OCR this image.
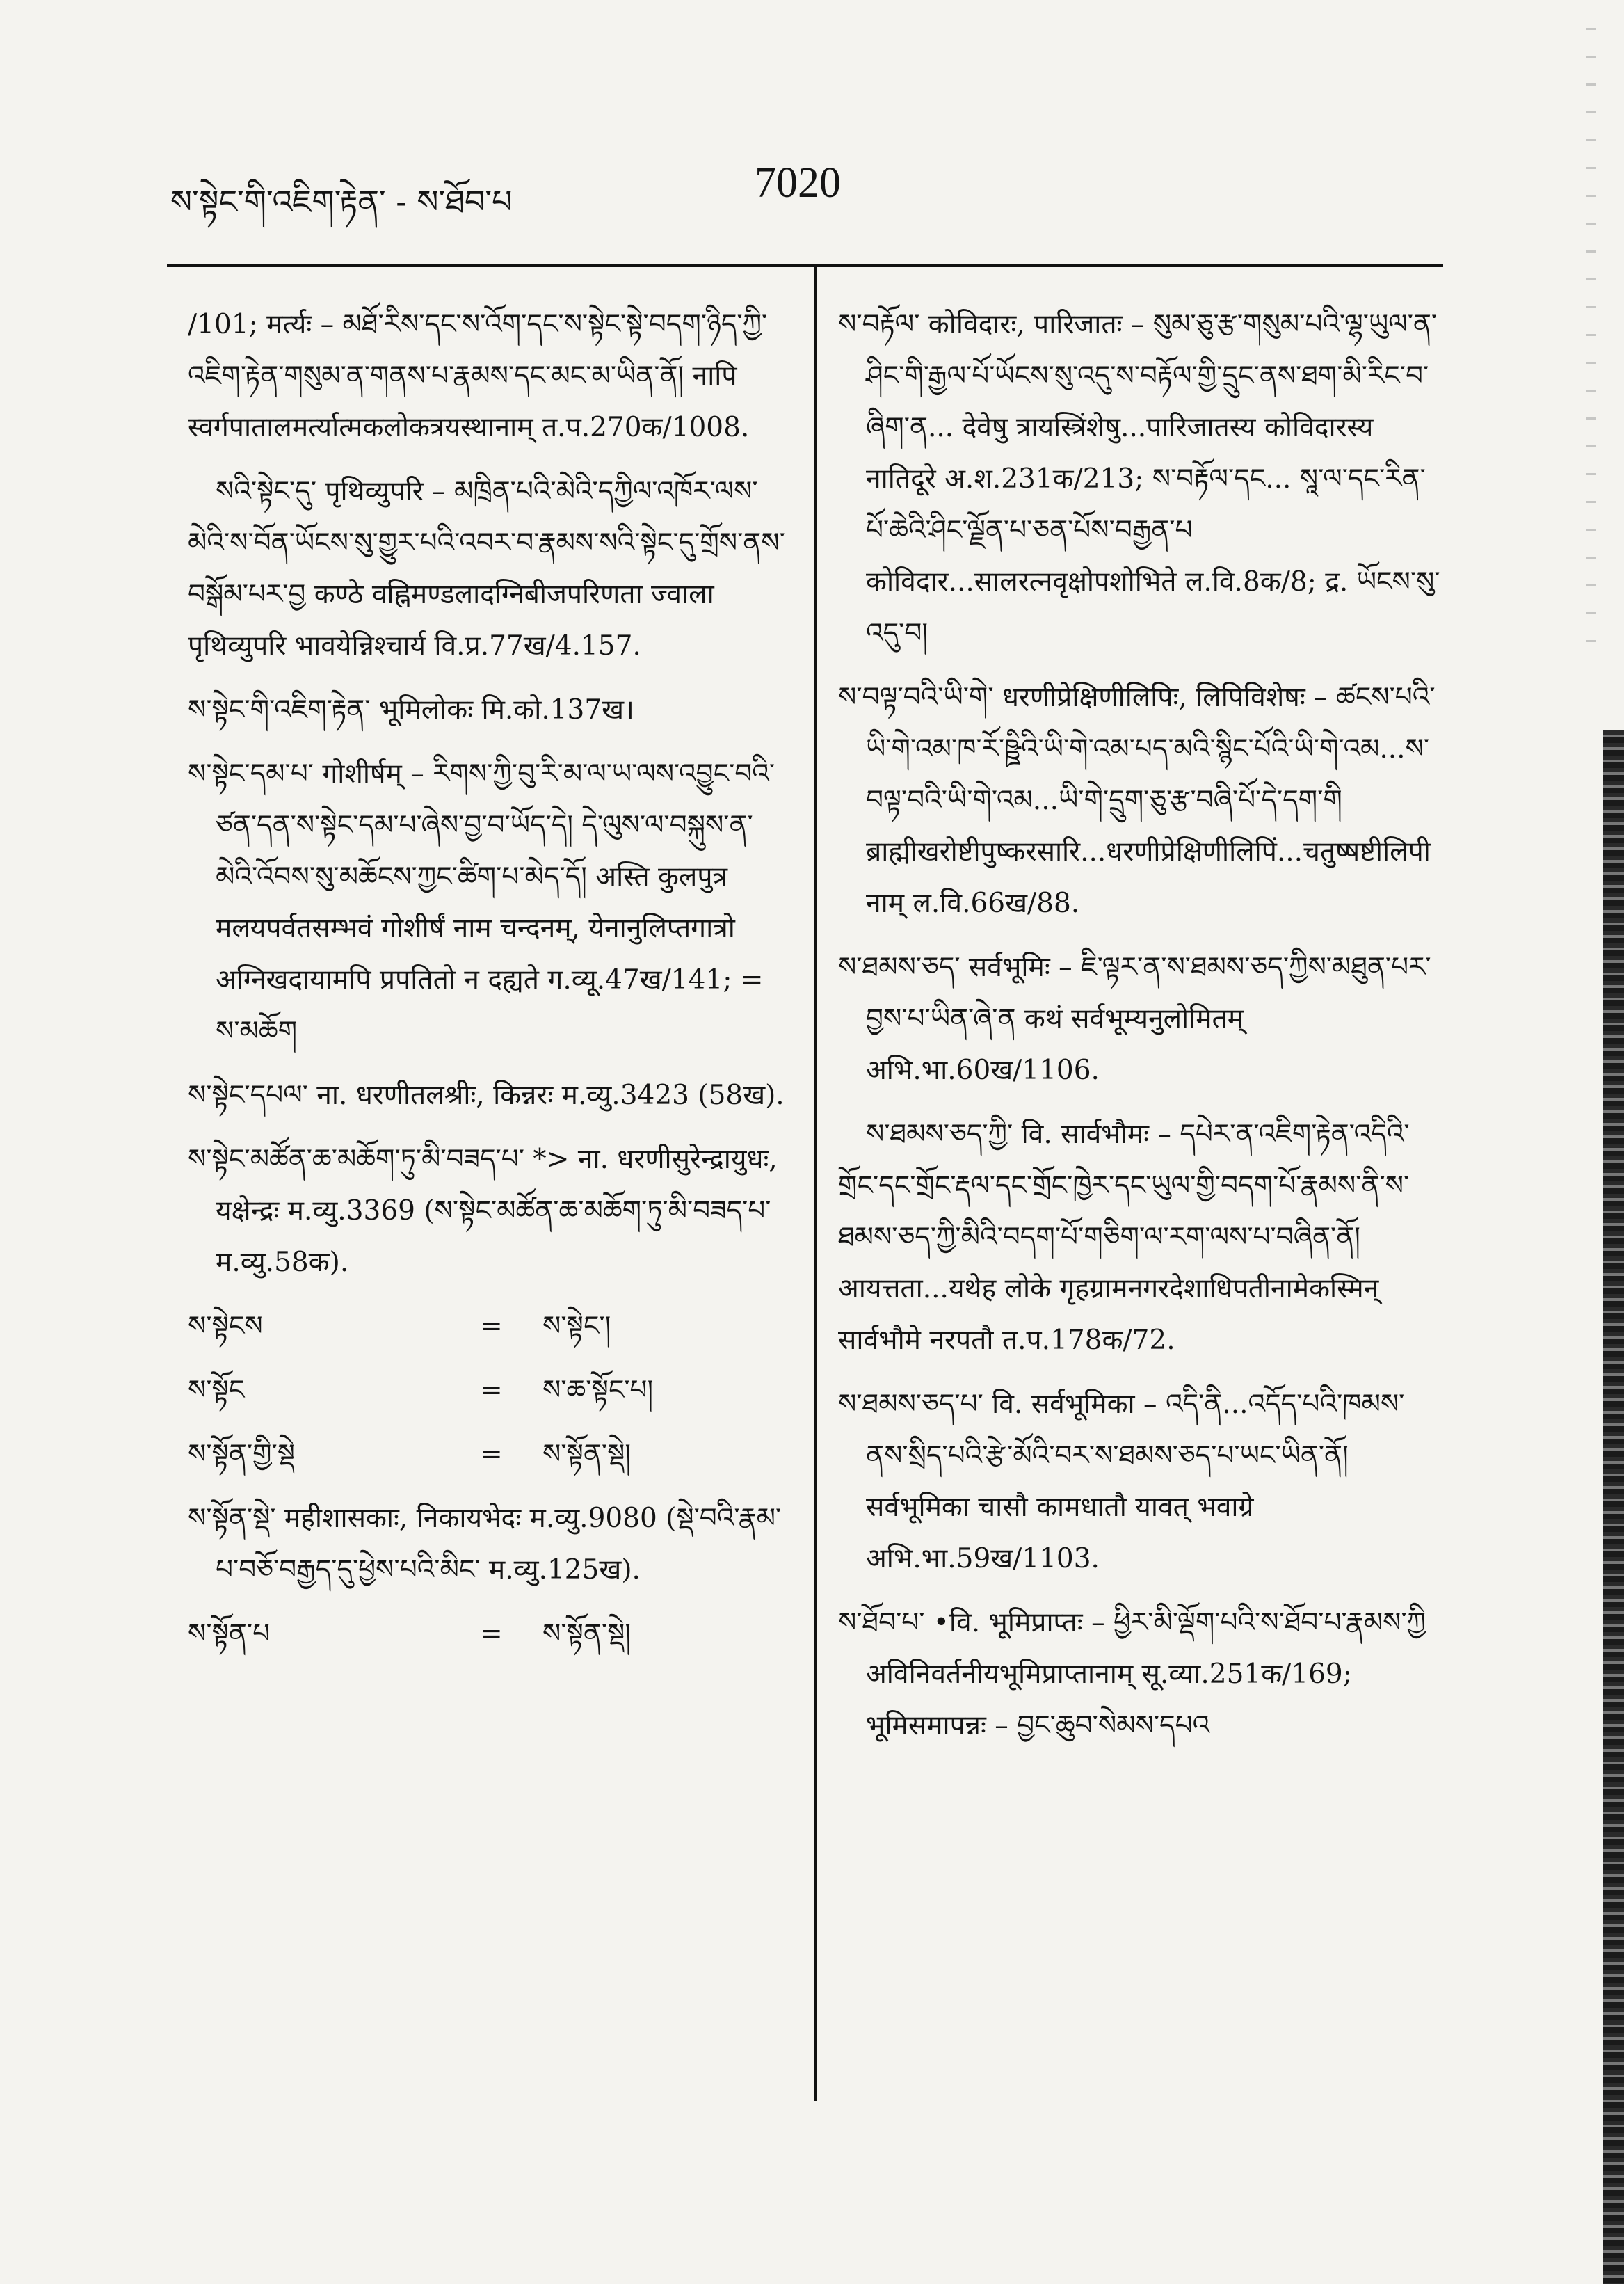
ས་སྟེང་གི་འཇིག་རྟེན་ - ས་ཐོབ་པ	7020

/101; मर्त्यः – མཐོ་རིས་དང་ས་འོག་དང་ས་སྟེང་སྟེ་བདག་ཉིད་ཀྱི་འཇིག་རྟེན་གསུམ་ན་གནས་པ་རྣམས་དང་མང་མ་ཡིན་ནོ། नापि स्वर्गपातालमर्त्यात्मकलोकत्रयस्थानाम् त.प.270क/1008.

སའི་སྟེང་དུ་ पृथिव्युपरि – མཁྲིན་པའི་མེའི་དཀྱིལ་འཁོར་ལས་མེའི་ས་བོན་ཡོངས་སུ་གྱུར་པའི་འབར་བ་རྣམས་སའི་སྟེང་དུ་གྲོས་ནས་བསྒོམ་པར་བྱ कण्ठे वह्निमण्डलादग्निबीजपरिणता ज्वाला पृथिव्युपरि भावयेन्निश्चार्य वि.प्र.77ख/4.157.

ས་སྟེང་གི་འཇིག་རྟེན་ भूमिलोकः मि.को.137ख।

ས་སྟེང་དམ་པ་ गोशीर्षम् – རིགས་ཀྱི་བུ་རི་མ་ལ་ཡ་ལས་འབྱུང་བའི་ཙན་དན་ས་སྟེང་དམ་པ་ཞེས་བྱ་བ་ཡོད་དེ། དེ་ལུས་ལ་བསྐུས་ན་མེའི་འོབས་སུ་མཆོངས་ཀྱང་ཚིག་པ་མེད་དོ། अस्ति कुलपुत्र मलयपर्वतसम्भवं गोशीर्षं नाम चन्दनम्, येनानुलिप्तगात्रो अग्निखदायामपि प्रपतितो न दह्यते ग.व्यू.47ख/141; = ས་མཆོག

ས་སྟེང་དཔལ་ ना. धरणीतलश्रीः, किन्नरः म.व्यु.3423 (58ख).

ས་སྟེང་མཚོན་ཆ་མཆོག་ཏུ་མི་བཟད་པ་ *> ना. धरणीसुरेन्द्रायुधः, यक्षेन्द्रः म.व्यु.3369 (ས་སྟེང་མཚོན་ཆ་མཆོག་ཏུ་མི་བཟད་པ་ म.व्यु.58क).

ས་སྟེངས	=	ས་སྟེང་།
ས་སྟོང	=	ས་ཆ་སྟོང་པ།
ས་སྟོན་གྱི་སྡེ	=	ས་སྟོན་སྡེ།

ས་སྟོན་སྡེ་ महीशासकाः, निकायभेदः म.व्यु.9080 (སྡེ་བའི་རྣམ་པ་བཅོ་བརྒྱད་དུ་ཕྱེས་པའི་མིང་ म.व्यु.125ख).

ས་སྟོན་པ	=	ས་སྟོན་སྡེ།

ས་བརྟོལ་ कोविदारः, पारिजातः – སུམ་ཅུ་རྩ་གསུམ་པའི་ལྷ་ཡུལ་ན་ཤིང་གི་རྒྱལ་པོ་ཡོངས་སུ་འདུ་ས་བརྟོལ་གྱི་དྲུང་ནས་ཐག་མི་རིང་བ་ཞིག་ན... देवेषु त्रायस्त्रिंशेषु...पारिजातस्य कोविदारस्य नातिदूरे अ.श.231क/213; ས་བརྟོལ་དང... སཱ་ལ་དང་རིན་པོ་ཆེའི་ཤིང་ལྗོན་པ་ཅན་པོས་བརྒྱན་པ कोविदार...सालरत्नवृक्षोपशोभिते ल.वि.8क/8; द्र. ཡོངས་སུ་འདུ་བ།

ས་བལྟ་བའི་ཡི་གེ་ धरणीप्रेक्षिणीलिपिः, लिपिविशेषः – ཚངས་པའི་ཡི་གེ་འམ་ཁ་རོ་ཥྛིའི་ཡི་གེ་འམ་པད་མའི་སྙིང་པོའི་ཡི་གེ་འམ...ས་བལྟ་བའི་ཡི་གེ་འམ...ཡི་གེ་དྲུག་ཅུ་རྩ་བཞི་པོ་དེ་དག་གི ब्राह्मीखरोष्टीपुष्करसारि...धरणीप्रेक्षिणीलिपिं...चतुष्षष्टीलिपीनाम् ल.वि.66ख/88.

ས་ཐམས་ཅད་ सर्वभूमिः – ཇི་ལྟར་ན་ས་ཐམས་ཅད་ཀྱིས་མཐུན་པར་བྱས་པ་ཡིན་ཞེ་ན कथं सर्वभूम्यनुलोमितम् अभि.भा.60ख/1106.

ས་ཐམས་ཅད་ཀྱི་ वि. सार्वभौमः – དཔེར་ན་འཇིག་རྟེན་འདིའི་གྲོང་དང་གྲོང་རྡལ་དང་གྲོང་ཁྱེར་དང་ཡུལ་གྱི་བདག་པོ་རྣམས་ནི་ས་ཐམས་ཅད་ཀྱི་མིའི་བདག་པོ་གཅིག་ལ་རག་ལས་པ་བཞིན་ནོ། आयत्तता...यथेह लोके गृहग्रामनगरदेशाधिपतीनामेकस्मिन् सार्वभौमे नरपतौ त.प.178क/72.

ས་ཐམས་ཅད་པ་ वि. सर्वभूमिका – འདི་ནི...འདོད་པའི་ཁམས་ནས་སྲིད་པའི་རྩེ་མོའི་བར་ས་ཐམས་ཅད་པ་ཡང་ཡིན་ནོ། सर्वभूमिका चासौ कामधातौ यावत् भवाग्रे अभि.भा.59ख/1103.

ས་ཐོབ་པ་ •वि. भूमिप्राप्तः – ཕྱིར་མི་ལྡོག་པའི་ས་ཐོབ་པ་རྣམས་ཀྱི अविनिवर्तनीयभूमिप्राप्तानाम् सू.व्या.251क/169; भूमिसमापन्नः – བྱང་ཆུབ་སེམས་དཔའ
